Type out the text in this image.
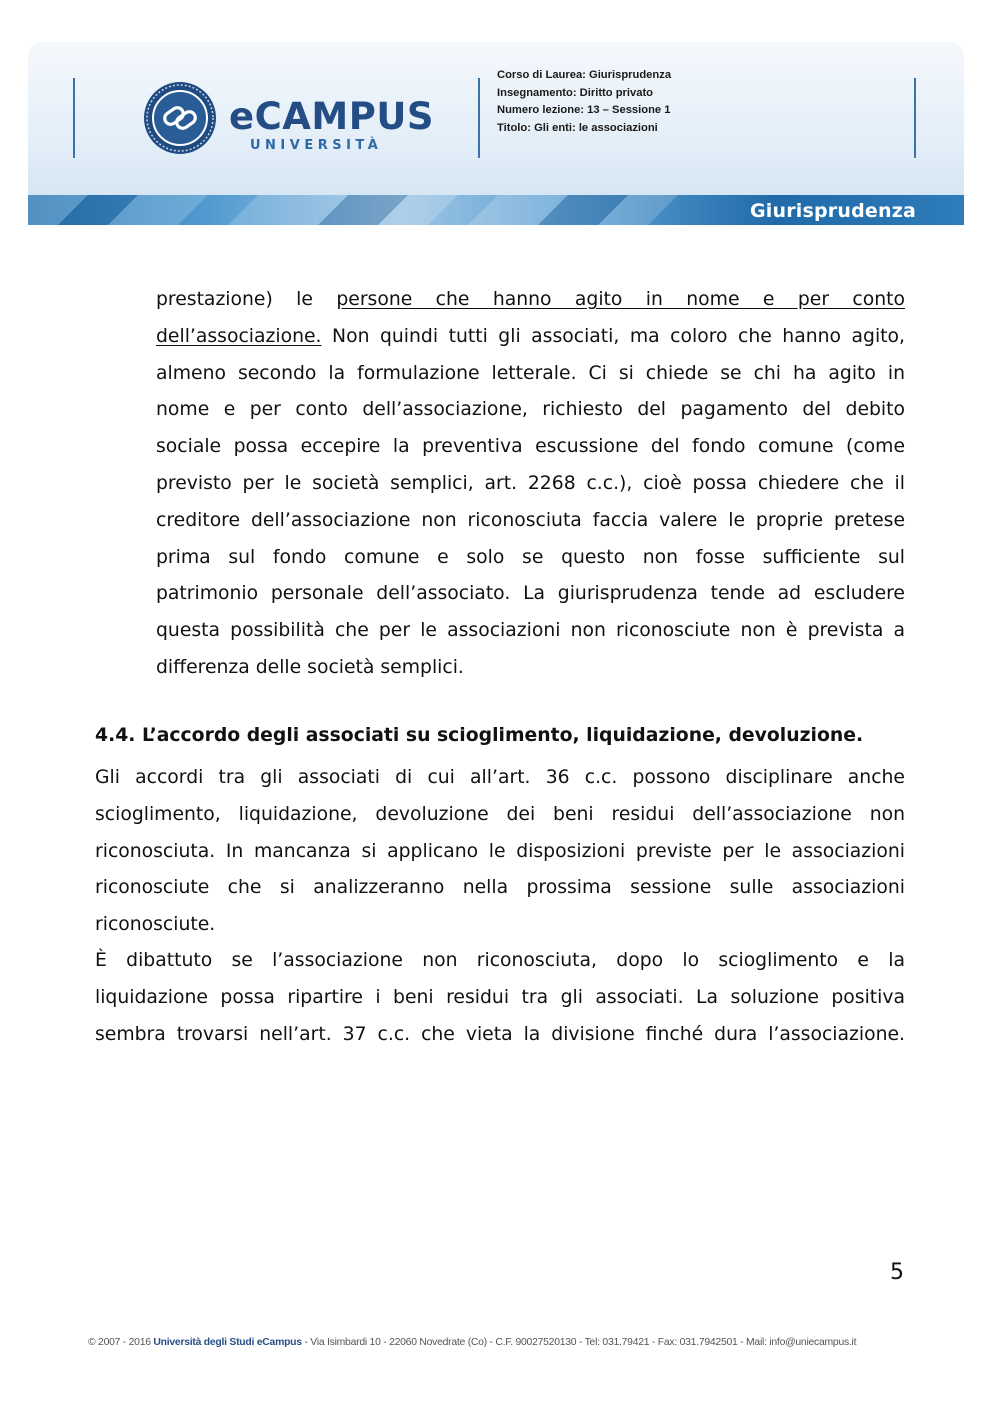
eCAMPUS
UNIVERSITÀ
Corso di Laurea: Giurisprudenza
Insegnamento: Diritto privato
Numero lezione: 13 – Sessione 1
Titolo: Gli enti: le associazioni
Giurisprudenza
prestazione) le persone che hanno agito in nome e per conto
dell’associazione. Non quindi tutti gli associati, ma coloro che hanno agito,
almeno secondo la formulazione letterale. Ci si chiede se chi ha agito in
nome e per conto dell’associazione, richiesto del pagamento del debito
sociale possa eccepire la preventiva escussione del fondo comune (come
previsto per le società semplici, art. 2268 c.c.), cioè possa chiedere che il
creditore dell’associazione non riconosciuta faccia valere le proprie pretese
prima sul fondo comune e solo se questo non fosse sufficiente sul
patrimonio personale dell’associato. La giurisprudenza tende ad escludere
questa possibilità che per le associazioni non riconosciute non è prevista a
differenza delle società semplici.
4.4. L’accordo degli associati su scioglimento, liquidazione, devoluzione.
Gli accordi tra gli associati di cui all’art. 36 c.c. possono disciplinare anche
scioglimento, liquidazione, devoluzione dei beni residui dell’associazione non
riconosciuta. In mancanza si applicano le disposizioni previste per le associazioni
riconosciute che si analizzeranno nella prossima sessione sulle associazioni
riconosciute.
È dibattuto se l’associazione non riconosciuta, dopo lo scioglimento e la
liquidazione possa ripartire i beni residui tra gli associati. La soluzione positiva
sembra trovarsi nell’art. 37 c.c. che vieta la divisione finché dura l’associazione.
5
© 2007 - 2016 Università degli Studi eCampus - Via Isimbardi 10 - 22060 Novedrate (Co) - C.F. 90027520130 - Tel: 031.79421 - Fax: 031.7942501 - Mail: info@uniecampus.it
